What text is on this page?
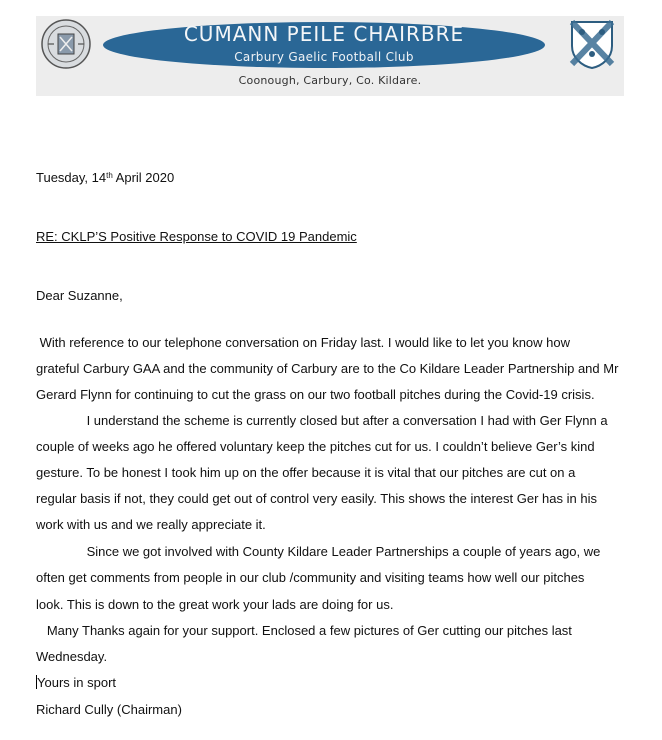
CUMANN PEILE CHAIRBRE
Carbury Gaelic Football Club
Coonough, Carbury, Co. Kildare.
Tuesday, 14th April 2020
RE: CKLP’S Positive Response to COVID 19 Pandemic
Dear Suzanne,
With reference to our telephone conversation on Friday last. I would like to let you know how
grateful Carbury GAA and the community of Carbury are to the Co Kildare Leader Partnership and Mr
Gerard Flynn for continuing to cut the grass on our two football pitches during the Covid-19 crisis.
I understand the scheme is currently closed but after a conversation I had with Ger Flynn a
couple of weeks ago he offered voluntary keep the pitches cut for us. I couldn’t believe Ger’s kind
gesture. To be honest I took him up on the offer because it is vital that our pitches are cut on a
regular basis if not, they could get out of control very easily. This shows the interest Ger has in his
work with us and we really appreciate it.
Since we got involved with County Kildare Leader Partnerships a couple of years ago, we
often get comments from people in our club /community and visiting teams how well our pitches
look. This is down to the great work your lads are doing for us.
Many Thanks again for your support. Enclosed a few pictures of Ger cutting our pitches last
Wednesday.
Yours in sport
Richard Cully (Chairman)
